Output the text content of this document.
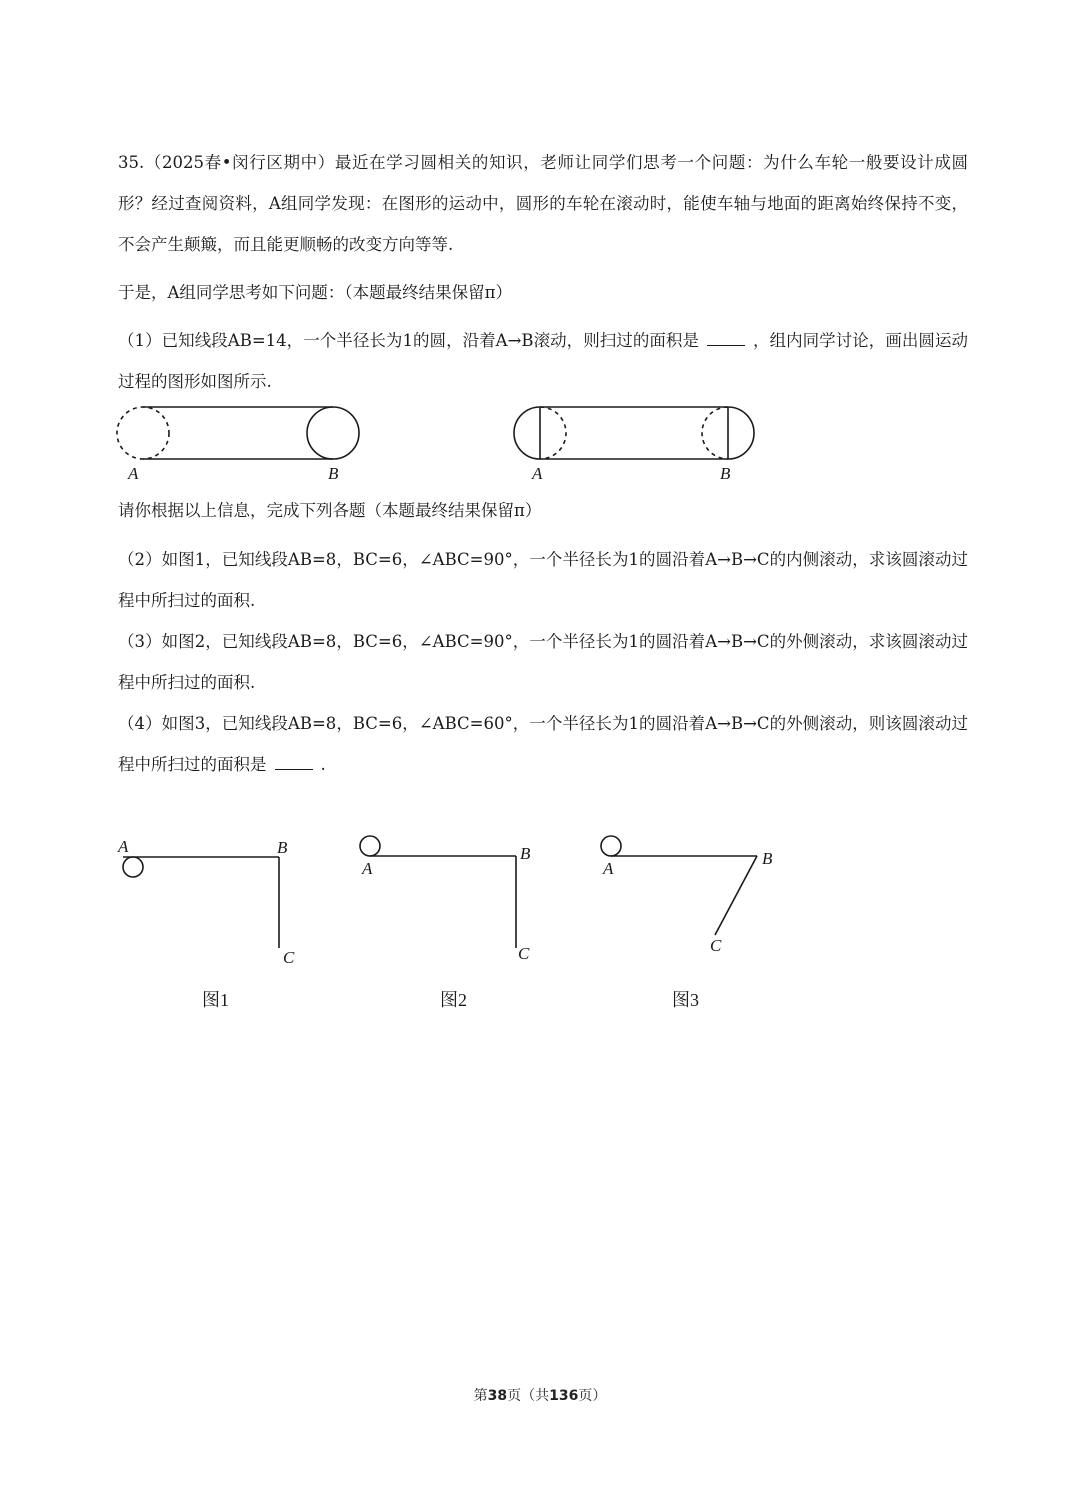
35.（2025春•闵行区期中）最近在学习圆相关的知识，老师让同学们思考一个问题：为什么车轮一般要设计成圆形？经过查阅资料，A组同学发现：在图形的运动中，圆形的车轮在滚动时，能使车轴与地面的距离始终保持不变，不会产生颠簸，而且能更顺畅的改变方向等等.
于是，A组同学思考如下问题：（本题最终结果保留π）
（1）已知线段AB=14，一个半径长为1的圆，沿着A→B滚动，则扫过的面积是	，组内同学讨论，画出圆运动过程的图形如图所示.
请你根据以上信息，完成下列各题（本题最终结果保留π）
（2）如图1，已知线段AB=8，BC=6，∠ABC=90°，一个半径长为1的圆沿着A→B→C的内侧滚动，求该圆滚动过程中所扫过的面积.
（3）如图2，已知线段AB=8，BC=6，∠ABC=90°，一个半径长为1的圆沿着A→B→C的外侧滚动，求该圆滚动过程中所扫过的面积.
（4）如图3，已知线段AB=8，BC=6，∠ABC=60°，一个半径长为1的圆沿着A→B→C的外侧滚动，则该圆滚动过程中所扫过的面积是	.
A	B	A	B
A	B
C
图1
A
B
C
图2
A
B
C
图3
第38页（共136页）
